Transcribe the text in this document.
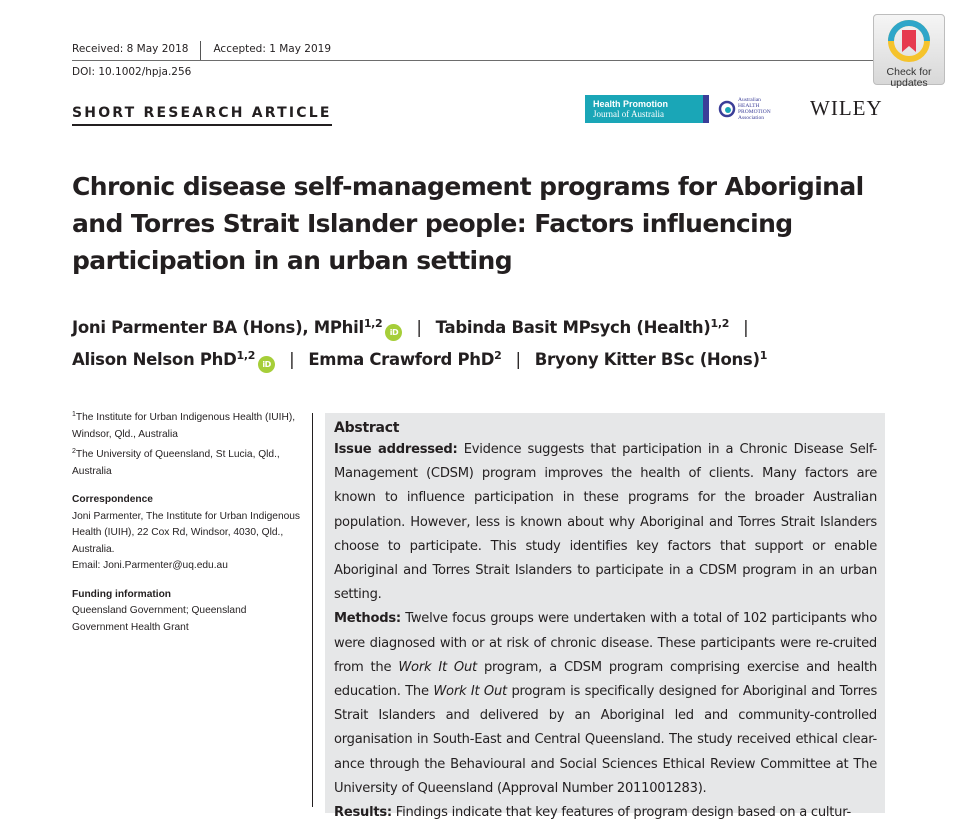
Received: 8 May 2018	Accepted: 1 May 2019
DOI: 10.1002/hpja.256	Check for
updates
SHORT RESEARCH ARTICLE
Health Promotion
Journal of Australia
Australian
HEALTH
PROMOTION
Association	WILEY
Chronic disease self-management programs for Aboriginal and Torres Strait Islander people: Factors influencing participation in an urban setting
Joni Parmenter BA (Hons), MPhil$^{1,2}$iD | Tabinda Basit MPsych (Health)$^{1,2}$ |
Alison Nelson PhD$^{1,2}$iD | Emma Crawford PhD$^2$ | Bryony Kitter BSc (Hons)$^1$
$^1$The Institute for Urban Indigenous Health (IUIH), Windsor, Qld., Australia
$^2$The University of Queensland, St Lucia, Qld., Australia
Correspondence
Joni Parmenter, The Institute for Urban Indigenous Health (IUIH), 22 Cox Rd, Windsor, 4030, Qld., Australia.
Email: Joni.Parmenter@uq.edu.au
Funding information
Queensland Government; Queensland Government Health Grant
Abstract

Issue addressed: Evidence suggests that participation in a Chronic Disease Self-Management (CDSM) program improves the health of clients. Many factors are known to influence participation in these programs for the broader Australian population. However, less is known about why Aboriginal and Torres Strait Islanders choose to participate. This study identifies key factors that support or enable Aboriginal and Torres Strait Islanders to participate in a CDSM program in an urban setting.

Methods: Twelve focus groups were undertaken with a total of 102 participants who were diagnosed with or at risk of chronic disease. These participants were re-cruited from the Work It Out program, a CDSM program comprising exercise and health education. The Work It Out program is specifically designed for Aboriginal and Torres Strait Islanders and delivered by an Aboriginal led and community-controlled organisation in South-East and Central Queensland. The study received ethical clear-ance through the Behavioural and Social Sciences Ethical Review Committee at The University of Queensland (Approval Number 2011001283).

Results: Findings indicate that key features of program design based on a cultur-
